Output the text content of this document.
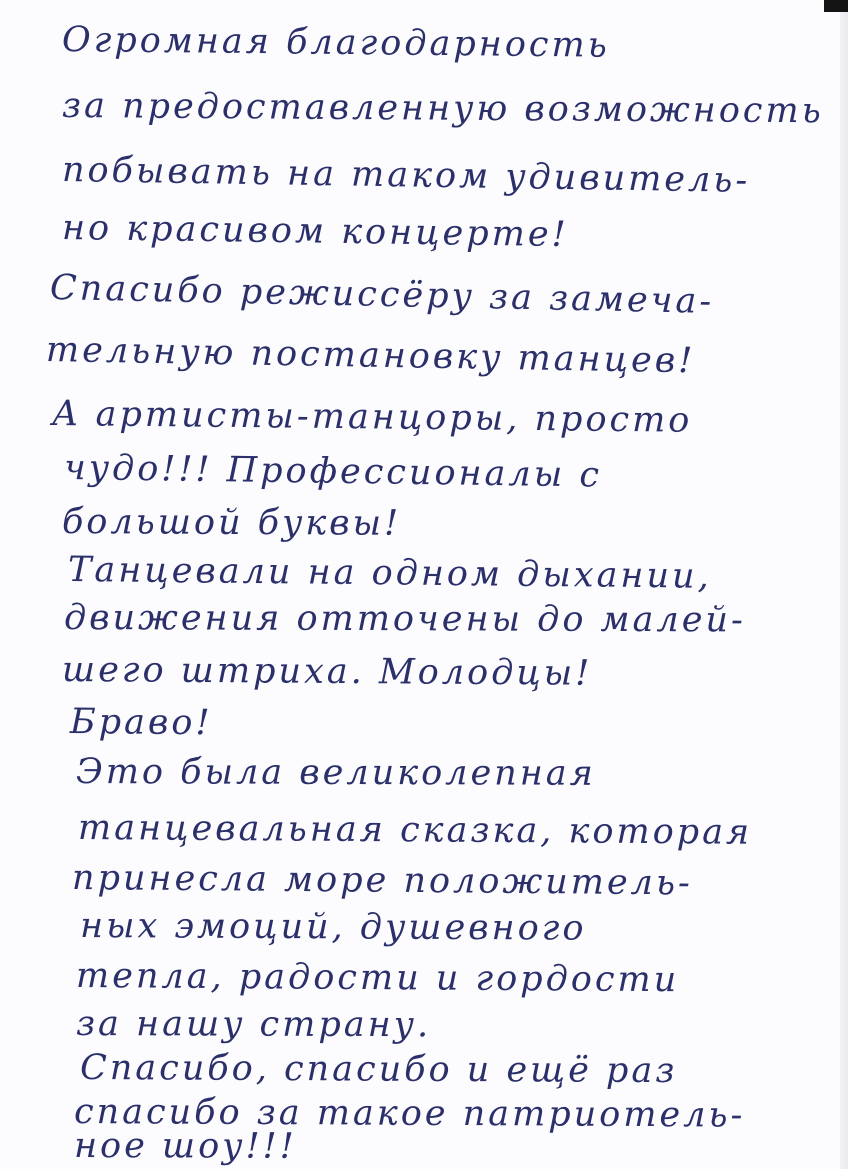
Огромная благодарность
за предоставленную возможность
побывать на таком удивитель-
но красивом концерте!
Спасибо режиссёру за замеча-
тельную постановку танцев!
А артисты-танцоры, просто
чудо!!! Профессионалы с
большой буквы!
Танцевали на одном дыхании,
движения отточены до малей-
шего штриха. Молодцы!
Браво!
Это была великолепная
танцевальная сказка, которая
принесла море положитель-
ных эмоций, душевного
тепла, радости и гордости
за нашу страну.
Спасибо, спасибо и ещё раз
спасибо за такое патриотель-
ное шоу!!!
